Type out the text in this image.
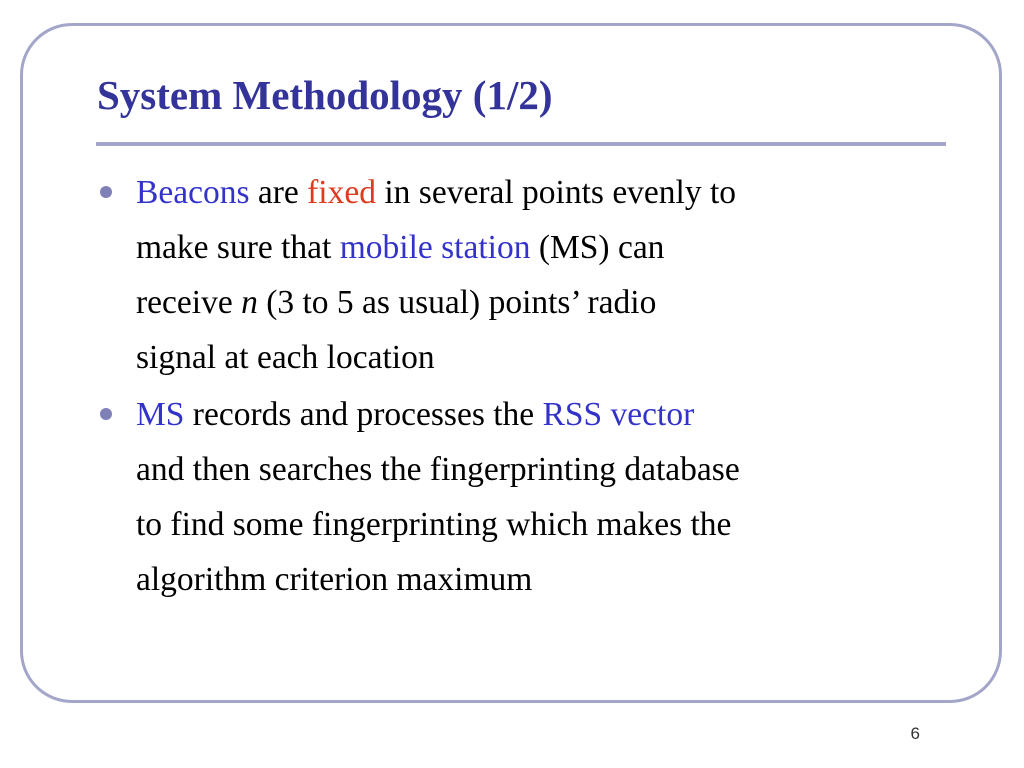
System Methodology (1/2)
Beacons are fixed in several points evenly to
make sure that mobile station (MS) can
receive n (3 to 5 as usual) points’ radio
signal at each location
MS records and processes the RSS vector
and then searches the fingerprinting database
to find some fingerprinting which makes the
algorithm criterion maximum
6
